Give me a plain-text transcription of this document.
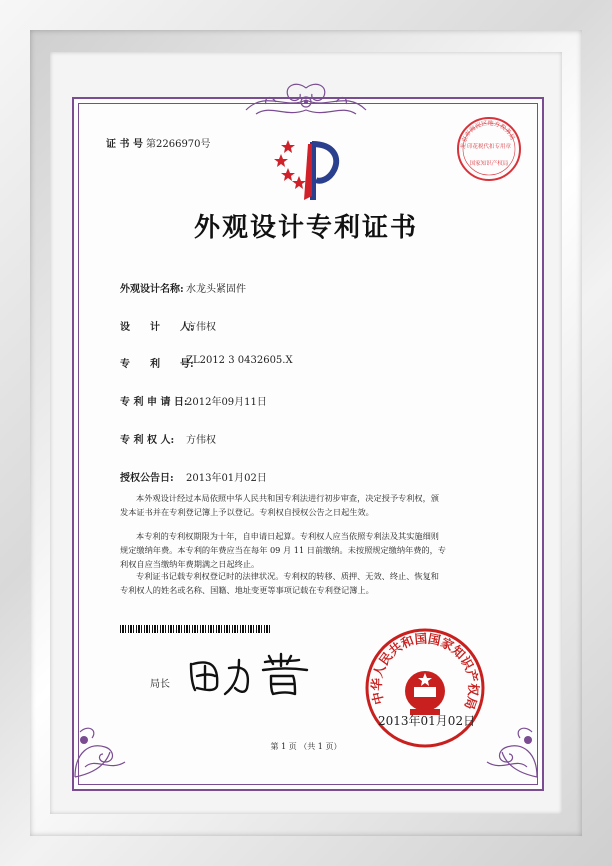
证 书 号 第2266970号
外观设计专利证书
北京市海淀区地方税务局
印花税代扣专用章
国家知识产权局
外观设计名称: 水龙头紧固件
设　　计　　人:
方伟权
专　　利　　号:
ZL2012 3 0432605.X
专 利 申 请 日:
2012年09月11日
专 利 权 人: 方伟权
授权公告日: 2013年01月02日
本外观设计经过本局依照中华人民共和国专利法进行初步审查，决定授予专利权，颁
发本证书并在专利登记簿上予以登记。专利权自授权公告之日起生效。
本专利的专利权期限为十年，自申请日起算。专利权人应当依照专利法及其实施细则
规定缴纳年费。本专利的年费应当在每年 09 月 11 日前缴纳。未按照规定缴纳年费的，专
利权自应当缴纳年费期满之日起终止。
专利证书记载专利权登记时的法律状况。专利权的转移、质押、无效、终止、恢复和
专利权人的姓名或名称、国籍、地址变更等事项记载在专利登记簿上。
局长
中华人民共和国国家知识产权局
2013年01月02日
第 1 页 （共 1 页）
